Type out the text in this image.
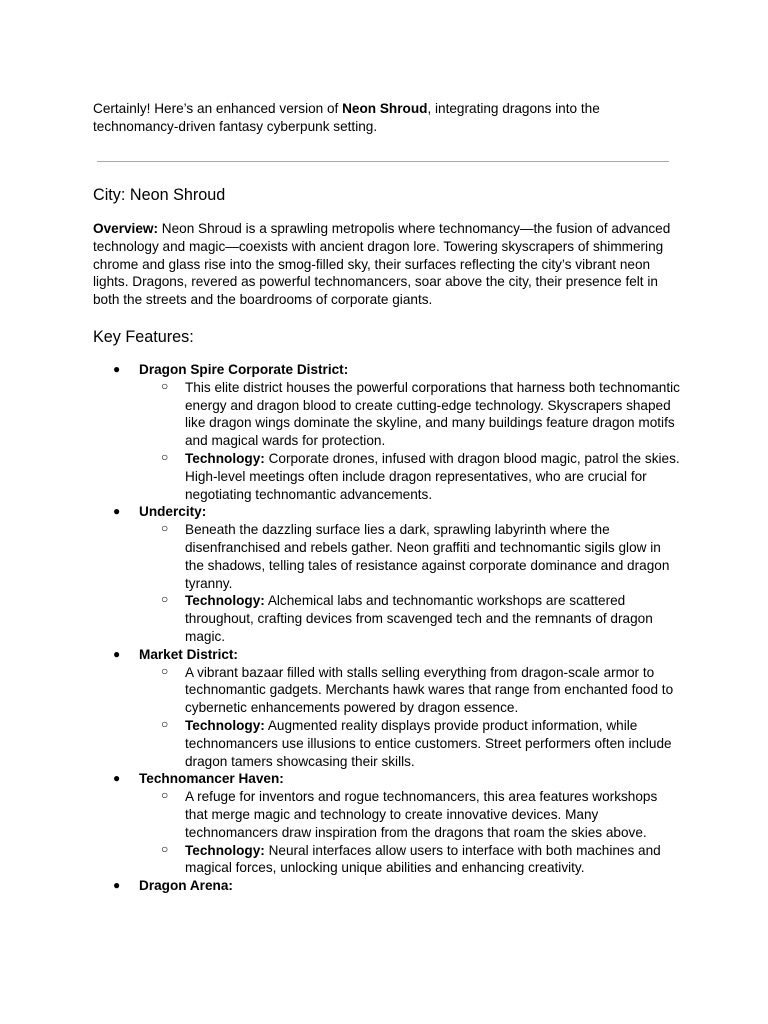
Certainly! Here’s an enhanced version of Neon Shroud, integrating dragons into the technomancy-driven fantasy cyberpunk setting.

City: Neon Shroud

Overview: Neon Shroud is a sprawling metropolis where technomancy—the fusion of advanced technology and magic—coexists with ancient dragon lore. Towering skyscrapers of shimmering chrome and glass rise into the smog-filled sky, their surfaces reflecting the city’s vibrant neon lights. Dragons, revered as powerful technomancers, soar above the city, their presence felt in both the streets and the boardrooms of corporate giants.

Key Features:
● Dragon Spire Corporate District:
○ This elite district houses the powerful corporations that harness both technomantic energy and dragon blood to create cutting-edge technology. Skyscrapers shaped like dragon wings dominate the skyline, and many buildings feature dragon motifs and magical wards for protection.
○ Technology: Corporate drones, infused with dragon blood magic, patrol the skies. High-level meetings often include dragon representatives, who are crucial for negotiating technomantic advancements.
● Undercity:
○ Beneath the dazzling surface lies a dark, sprawling labyrinth where the disenfranchised and rebels gather. Neon graffiti and technomantic sigils glow in the shadows, telling tales of resistance against corporate dominance and dragon tyranny.
○ Technology: Alchemical labs and technomantic workshops are scattered throughout, crafting devices from scavenged tech and the remnants of dragon magic.
● Market District:
○ A vibrant bazaar filled with stalls selling everything from dragon-scale armor to technomantic gadgets. Merchants hawk wares that range from enchanted food to cybernetic enhancements powered by dragon essence.
○ Technology: Augmented reality displays provide product information, while technomancers use illusions to entice customers. Street performers often include dragon tamers showcasing their skills.
● Technomancer Haven:
○ A refuge for inventors and rogue technomancers, this area features workshops that merge magic and technology to create innovative devices. Many technomancers draw inspiration from the dragons that roam the skies above.
○ Technology: Neural interfaces allow users to interface with both machines and magical forces, unlocking unique abilities and enhancing creativity.
● Dragon Arena:
